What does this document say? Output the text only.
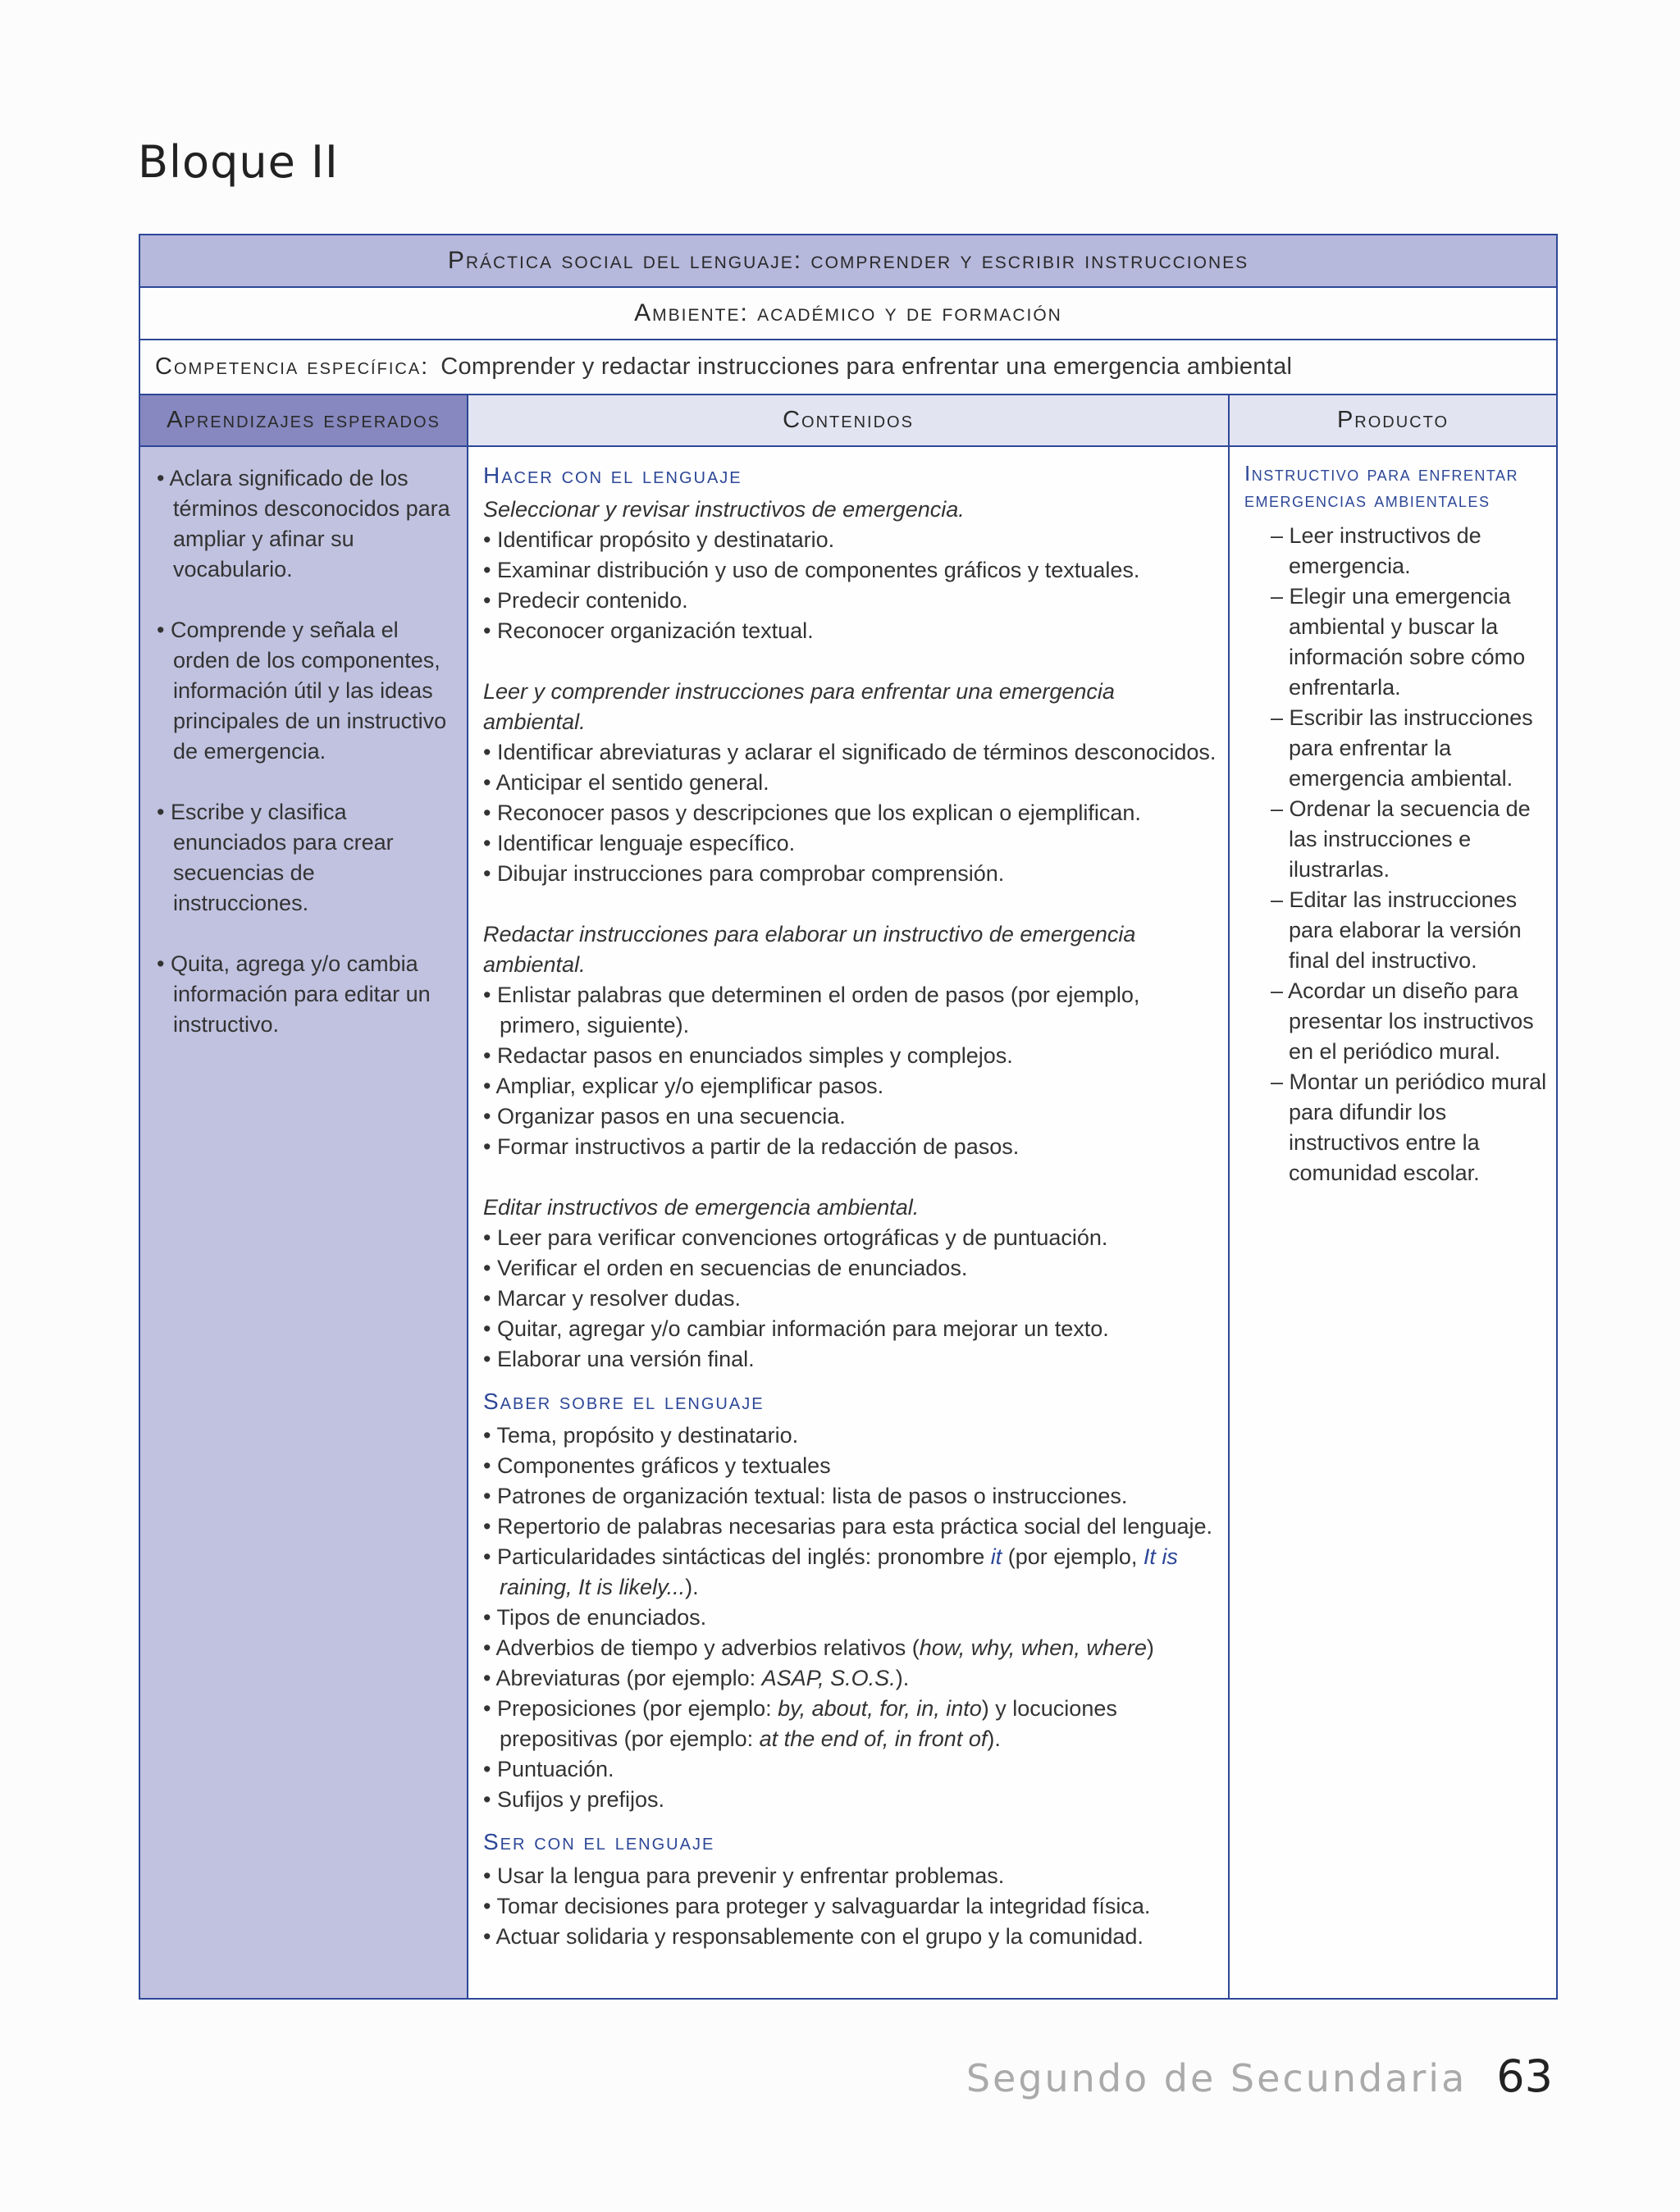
Bloque II
Práctica social del lenguaje: comprender y escribir instrucciones
Ambiente: académico y de formación
Competencia específica: Comprender y redactar instrucciones para enfrentar una emergencia ambiental
Aprendizajes esperados	Contenidos	Producto

• Aclara significado de los términos desconocidos para ampliar y afinar su vocabulario.

• Comprende y señala el orden de los componentes, información útil y las ideas principales de un instructivo de emergencia.

• Escribe y clasifica enunciados para crear secuencias de instrucciones.

• Quita, agrega y/o cambia información para editar un instructivo.

Hacer con el lenguaje

Seleccionar y revisar instructivos de emergencia.

• Identificar propósito y destinatario.

• Examinar distribución y uso de componentes gráficos y textuales.

• Predecir contenido.

• Reconocer organización textual.

Leer y comprender instrucciones para enfrentar una emergencia ambiental.

• Identificar abreviaturas y aclarar el significado de términos desconocidos.

• Anticipar el sentido general.

• Reconocer pasos y descripciones que los explican o ejemplifican.

• Identificar lenguaje específico.

• Dibujar instrucciones para comprobar comprensión.

Redactar instrucciones para elaborar un instructivo de emergencia ambiental.

• Enlistar palabras que determinen el orden de pasos (por ejemplo, primero, siguiente).

• Redactar pasos en enunciados simples y complejos.

• Ampliar, explicar y/o ejemplificar pasos.

• Organizar pasos en una secuencia.

• Formar instructivos a partir de la redacción de pasos.

Editar instructivos de emergencia ambiental.

• Leer para verificar convenciones ortográficas y de puntuación.

• Verificar el orden en secuencias de enunciados.

• Marcar y resolver dudas.

• Quitar, agregar y/o cambiar información para mejorar un texto.

• Elaborar una versión final.

Saber sobre el lenguaje

• Tema, propósito y destinatario.

• Componentes gráficos y textuales

• Patrones de organización textual: lista de pasos o instrucciones.

• Repertorio de palabras necesarias para esta práctica social del lenguaje.

• Particularidades sintácticas del inglés: pronombre it (por ejemplo, It is raining, It is likely...).

• Tipos de enunciados.

• Adverbios de tiempo y adverbios relativos (how, why, when, where)

• Abreviaturas (por ejemplo: ASAP, S.O.S.).

• Preposiciones (por ejemplo: by, about, for, in, into) y locuciones prepositivas (por ejemplo: at the end of, in front of).

• Puntuación.

• Sufijos y prefijos.

Ser con el lenguaje

• Usar la lengua para prevenir y enfrentar problemas.

• Tomar decisiones para proteger y salvaguardar la integridad física.

• Actuar solidaria y responsablemente con el grupo y la comunidad.

Instructivo para enfrentar emergencias ambientales

– Leer instructivos de emergencia.

– Elegir una emergencia ambiental y buscar la información sobre cómo enfrentarla.

– Escribir las instrucciones para enfrentar la emergencia ambiental.

– Ordenar la secuencia de las instrucciones e ilustrarlas.

– Editar las instrucciones para elaborar la versión final del instructivo.

– Acordar un diseño para presentar los instructivos en el periódico mural.

– Montar un periódico mural para difundir los instructivos entre la comunidad escolar.

Segundo de Secundaria 63
